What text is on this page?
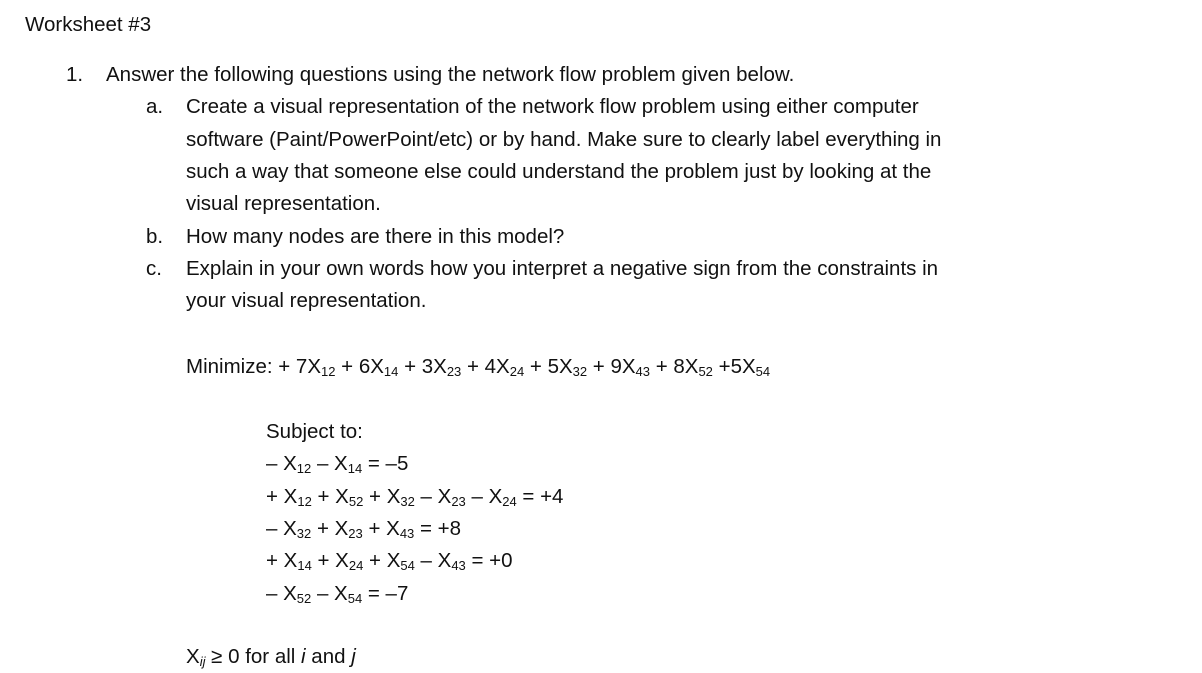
Worksheet #3
1. Answer the following questions using the network flow problem given below.
a. Create a visual representation of the network flow problem using either computer
software (Paint/PowerPoint/etc) or by hand. Make sure to clearly label everything in
such a way that someone else could understand the problem just by looking at the
visual representation.
b. How many nodes are there in this model?
c. Explain in your own words how you interpret a negative sign from the constraints in
your visual representation.
Minimize: + $7X_{12} + 6X_{14} + 3X_{23} + 4X_{24} + 5X_{32} + 9X_{43} + 8X_{52} +5X_{54}$
Subject to:
– $X_{12} - X_{14} = -5$
+ $X_{12} + X_{52} + X_{32} - X_{23} - X_{24} = +4$
– $X_{32} + X_{23} + X_{43} = +8$
+ $X_{14} + X_{24} + X_{54} - X_{43} = +0$
– $X_{52} - X_{54} = -7$
$X_{ij} \ge 0$ for all i and j
